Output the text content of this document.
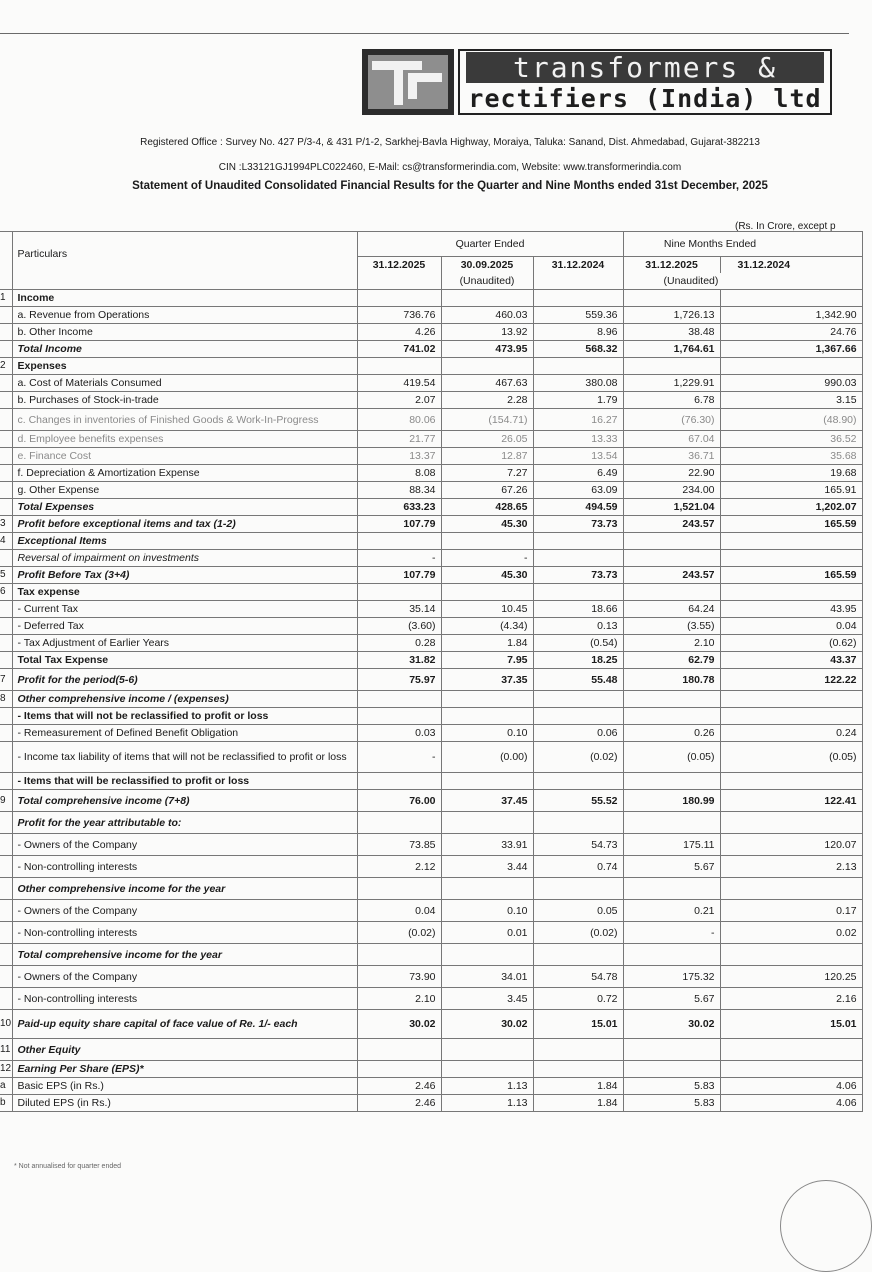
transformers &
rectifiers (India) ltd
Registered Office : Survey No. 427 P/3-4, & 431 P/1-2, Sarkhej-Bavla Highway, Moraiya, Taluka: Sanand, Dist. Ahmedabad, Gujarat-382213
CIN :L33121GJ1994PLC022460, E-Mail: cs@transformerindia.com, Website: www.transformerindia.com
Statement of Unaudited Consolidated Financial Results for the Quarter and Nine Months ended 31st December, 2025
(Rs. In Crore, except p
	Particulars	Quarter Ended			Nine Months Ended	
		31.12.2025	30.09.2025	31.12.2024	31.12.2025	31.12.2024
			(Unaudited)		(Unaudited)	
1	Income					
	a. Revenue from Operations	736.76	460.03	559.36	1,726.13	1,342.90
	b. Other Income	4.26	13.92	8.96	38.48	24.76
	Total Income	741.02	473.95	568.32	1,764.61	1,367.66
2	Expenses					
	a. Cost of Materials Consumed	419.54	467.63	380.08	1,229.91	990.03
	b. Purchases of Stock-in-trade	2.07	2.28	1.79	6.78	3.15
	c. Changes in inventories of Finished Goods & Work-In-Progress	80.06	(154.71)	16.27	(76.30)	(48.90)
	d. Employee benefits expenses	21.77	26.05	13.33	67.04	36.52
	e. Finance Cost	13.37	12.87	13.54	36.71	35.68
	f. Depreciation & Amortization Expense	8.08	7.27	6.49	22.90	19.68
	g. Other Expense	88.34	67.26	63.09	234.00	165.91
	Total Expenses	633.23	428.65	494.59	1,521.04	1,202.07
3	Profit before exceptional items and tax (1-2)	107.79	45.30	73.73	243.57	165.59
4	Exceptional Items					
	Reversal of impairment on investments	-	-			
5	Profit Before Tax (3+4)	107.79	45.30	73.73	243.57	165.59
6	Tax expense					
	- Current Tax	35.14	10.45	18.66	64.24	43.95
	- Deferred Tax	(3.60)	(4.34)	0.13	(3.55)	0.04
	- Tax Adjustment of Earlier Years	0.28	1.84	(0.54)	2.10	(0.62)
	Total Tax Expense	31.82	7.95	18.25	62.79	43.37
7	Profit for the period(5-6)	75.97	37.35	55.48	180.78	122.22
8	Other comprehensive income / (expenses)					
	- Items that will not be reclassified to profit or loss					
	- Remeasurement of Defined Benefit Obligation	0.03	0.10	0.06	0.26	0.24
	- Income tax liability of items that will not be reclassified to profit or loss	-	(0.00)	(0.02)	(0.05)	(0.05)
	- Items that will be reclassified to profit or loss					
9	Total comprehensive income (7+8)	76.00	37.45	55.52	180.99	122.41
	Profit for the year attributable to:					
	- Owners of the Company	73.85	33.91	54.73	175.11	120.07
	- Non-controlling interests	2.12	3.44	0.74	5.67	2.13
	Other comprehensive income for the year					
	- Owners of the Company	0.04	0.10	0.05	0.21	0.17
	- Non-controlling interests	(0.02)	0.01	(0.02)	-	0.02
	Total comprehensive income for the year					
	- Owners of the Company	73.90	34.01	54.78	175.32	120.25
	- Non-controlling interests	2.10	3.45	0.72	5.67	2.16
10	Paid-up equity share capital of face value of Re. 1/- each	30.02	30.02	15.01	30.02	15.01
11	Other Equity					
12	Earning Per Share (EPS)*					
a	Basic EPS (in Rs.)	2.46	1.13	1.84	5.83	4.06
b	Diluted EPS (in Rs.)	2.46	1.13	1.84	5.83	4.06
* Not annualised for quarter ended
